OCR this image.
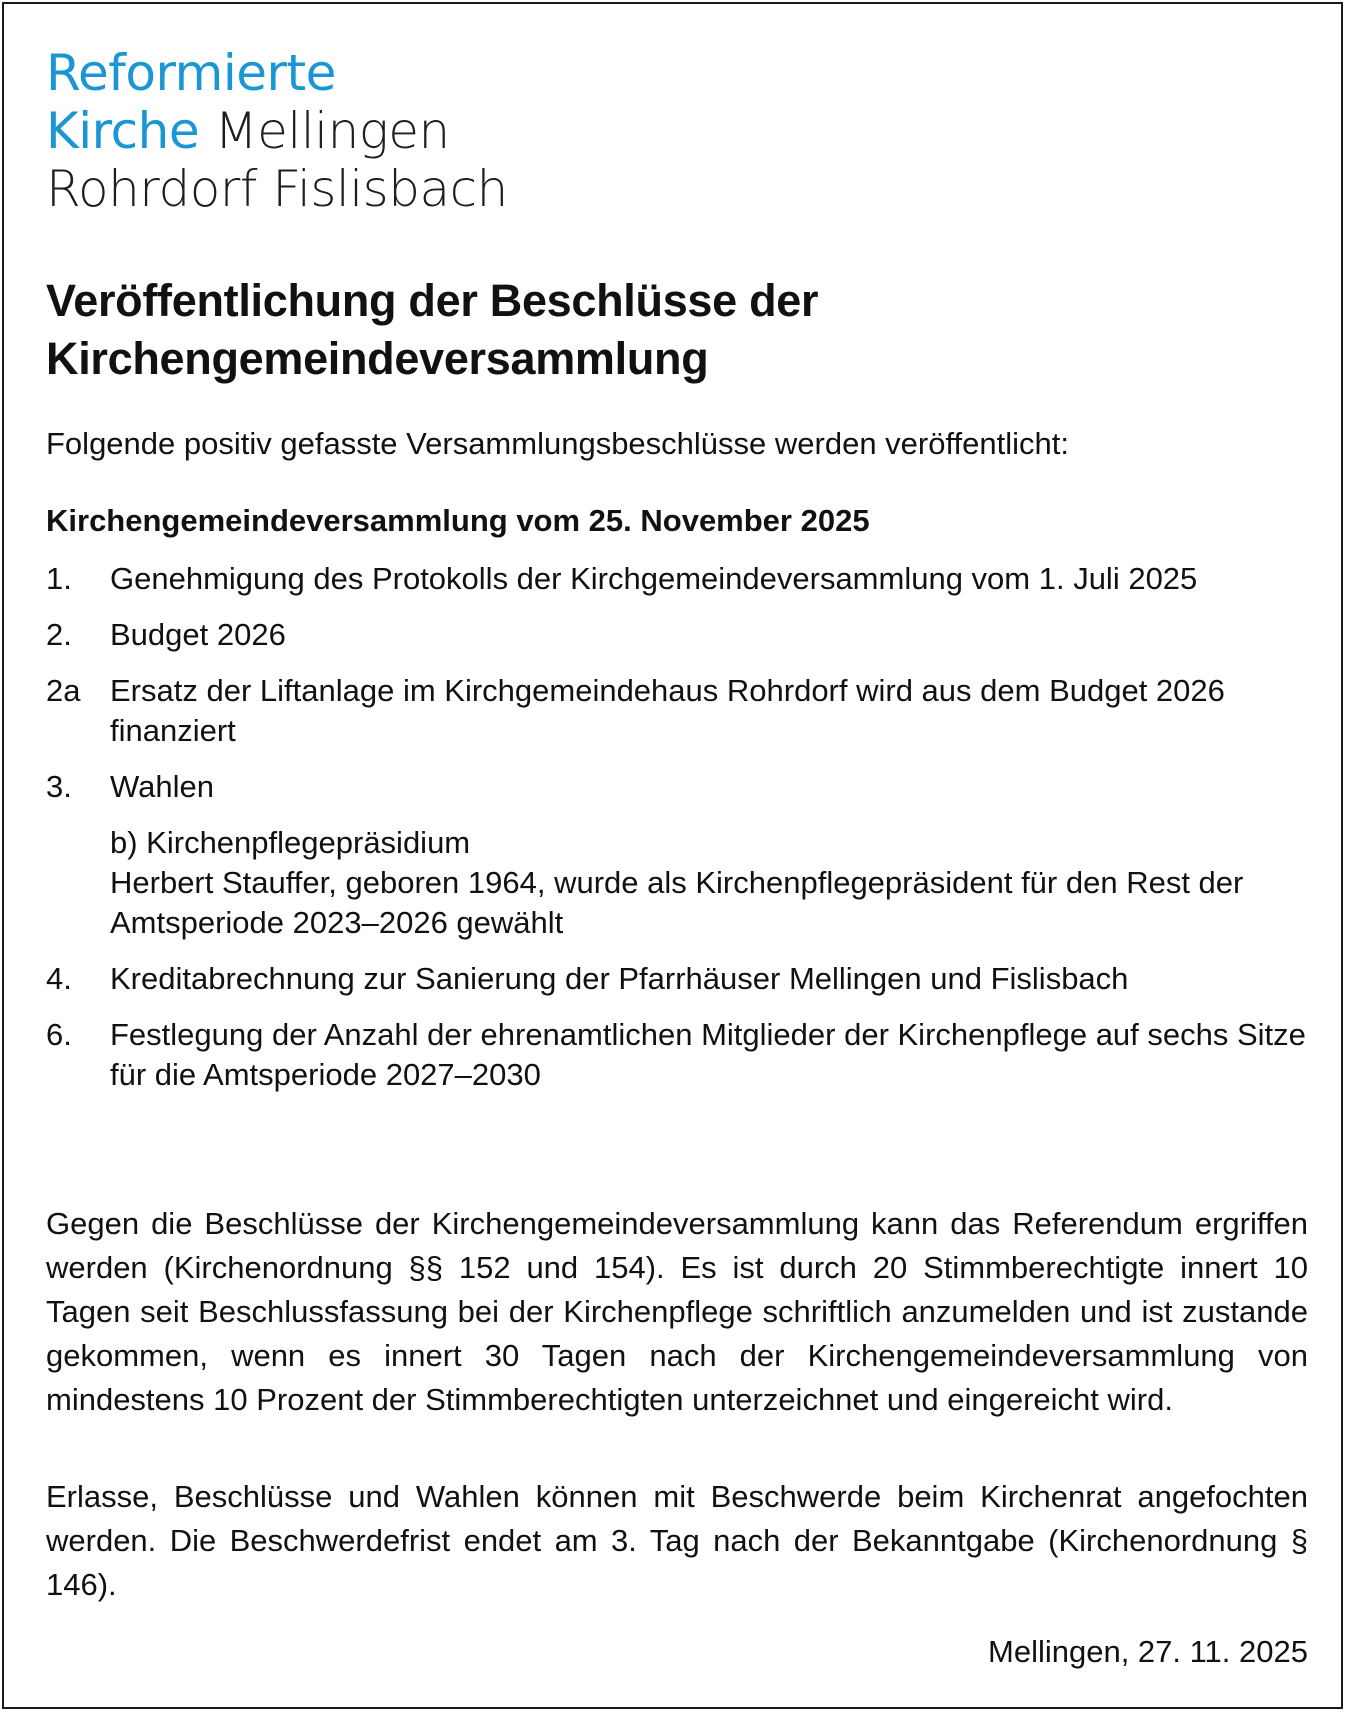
Reformierte
Kirche Mellingen
Rohrdorf Fislisbach
Veröffentlichung der Beschlüsse der
Kirchengemeindeversammlung
Folgende positiv gefasste Versammlungsbeschlüsse werden veröffentlicht:
Kirchengemeindeversammlung vom 25. November 2025
1.	Genehmigung des Protokolls der Kirchgemeindeversammlung vom 1. Juli 2025
2.	Budget 2026
2a Ersatz der Liftanlage im Kirchgemeindehaus Rohrdorf wird aus dem Budget 2026 finanziert
3.	Wahlen
b) Kirchenpflegepräsidium
Herbert Stauffer, geboren 1964, wurde als Kirchenpflegepräsident für den Rest der Amtsperiode 2023–2026 gewählt
4.	Kreditabrechnung zur Sanierung der Pfarrhäuser Mellingen und Fislisbach
6.	Festlegung der Anzahl der ehrenamtlichen Mitglieder der Kirchenpflege auf sechs Sitze für die Amtsperiode 2027–2030
Gegen die Beschlüsse der Kirchengemeindeversammlung kann das Referendum ergriffen werden (Kirchenordnung §§ 152 und 154). Es ist durch 20 Stimmberechtigte innert 10 Tagen seit Beschlussfassung bei der Kirchenpflege schriftlich anzumelden und ist zustande gekommen, wenn es innert 30 Tagen nach der Kirchengemeindeversammlung von mindestens 10 Prozent der Stimmberechtigten unterzeichnet und eingereicht wird.
Erlasse, Beschlüsse und Wahlen können mit Beschwerde beim Kirchenrat angefochten werden. Die Beschwerdefrist endet am 3. Tag nach der Bekanntgabe (Kirchenordnung § 146).
Mellingen, 27. 11. 2025
